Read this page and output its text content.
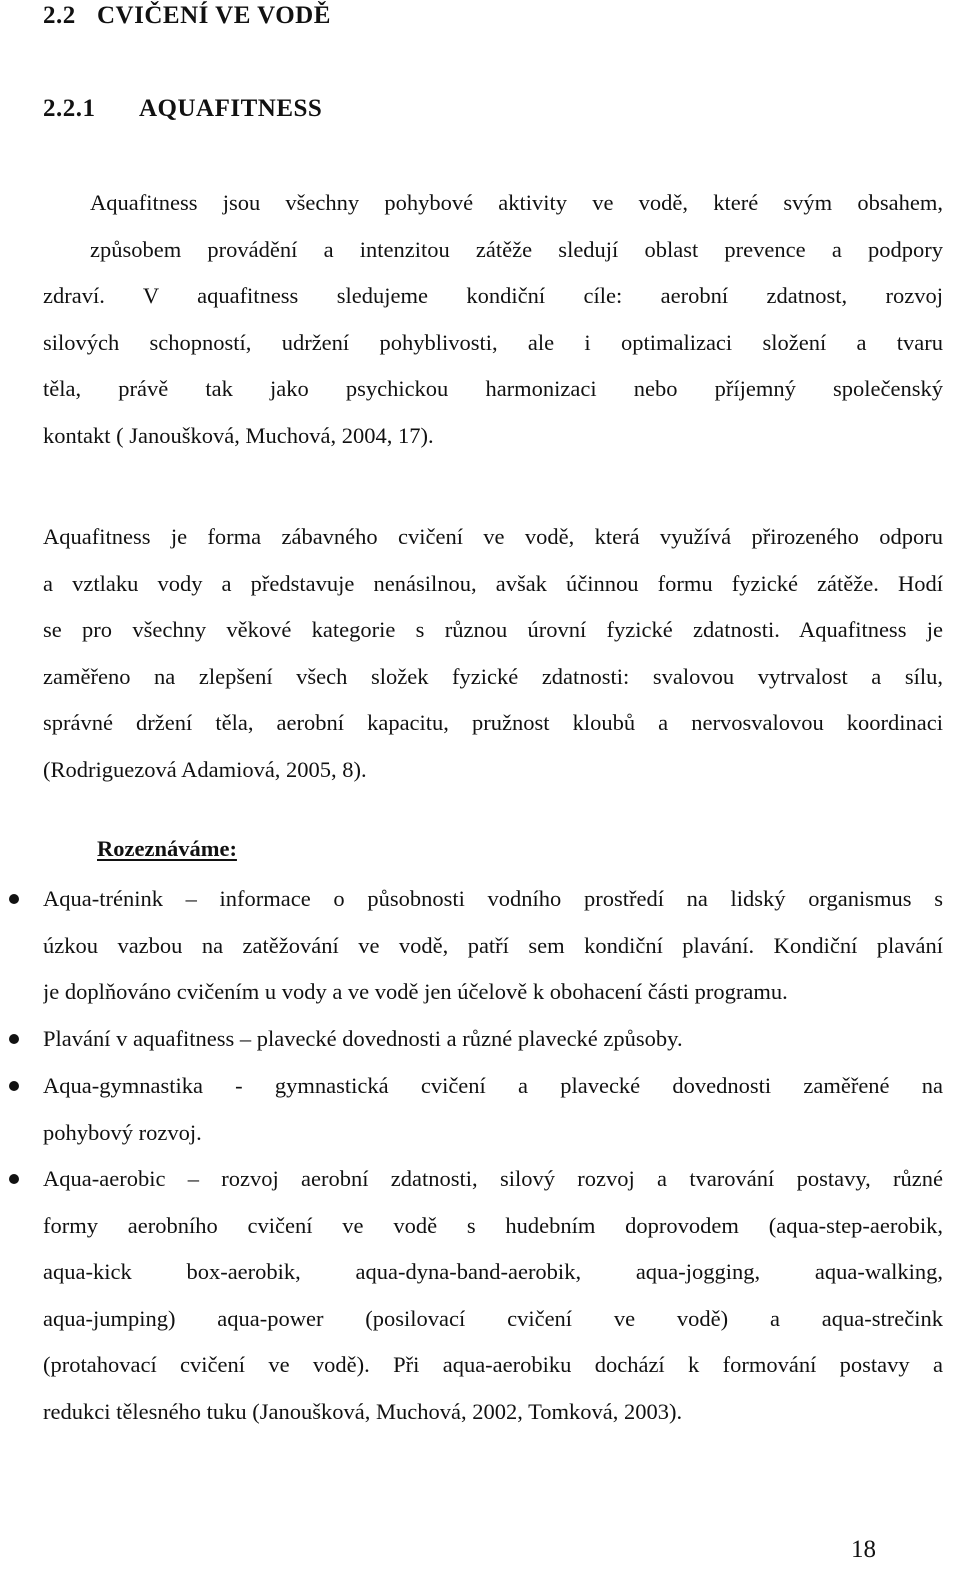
2.2 CVIČENÍ VE VODĚ
2.2.1 AQUAFITNESS
Aquafitness jsou všechny pohybové aktivity ve vodě, které svým obsahem,
způsobem provádění a intenzitou zátěže sledují oblast prevence a podpory
zdraví. V aquafitness sledujeme kondiční cíle: aerobní zdatnost, rozvoj
silových schopností, udržení pohyblivosti, ale i optimalizaci složení a tvaru
těla, právě tak jako psychickou harmonizaci nebo příjemný společenský
kontakt ( Janoušková, Muchová, 2004, 17).
Aquafitness je forma zábavného cvičení ve vodě, která využívá přirozeného odporu
a vztlaku vody a představuje nenásilnou, avšak účinnou formu fyzické zátěže. Hodí
se pro všechny věkové kategorie s různou úrovní fyzické zdatnosti. Aquafitness je
zaměřeno na zlepšení všech složek fyzické zdatnosti: svalovou vytrvalost a sílu,
správné držení těla, aerobní kapacitu, pružnost kloubů a nervosvalovou koordinaci
(Rodriguezová Adamiová, 2005, 8).
Rozeznáváme:
Aqua-trénink – informace o působnosti vodního prostředí na lidský organismus s
úzkou vazbou na zatěžování ve vodě, patří sem kondiční plavání. Kondiční plavání
je doplňováno cvičením u vody a ve vodě jen účelově k obohacení části programu.
Plavání v aquafitness – plavecké dovednosti a různé plavecké způsoby.
Aqua-gymnastika - gymnastická cvičení a plavecké dovednosti zaměřené na
pohybový rozvoj.
Aqua-aerobic – rozvoj aerobní zdatnosti, silový rozvoj a tvarování postavy, různé
formy aerobního cvičení ve vodě s hudebním doprovodem (aqua-step-aerobik,
aqua-kick box-aerobik, aqua-dyna-band-aerobik, aqua-jogging, aqua-walking,
aqua-jumping) aqua-power (posilovací cvičení ve vodě) a aqua-strečink
(protahovací cvičení ve vodě). Při aqua-aerobiku dochází k formování postavy a
redukci tělesného tuku (Janoušková, Muchová, 2002, Tomková, 2003).
18
